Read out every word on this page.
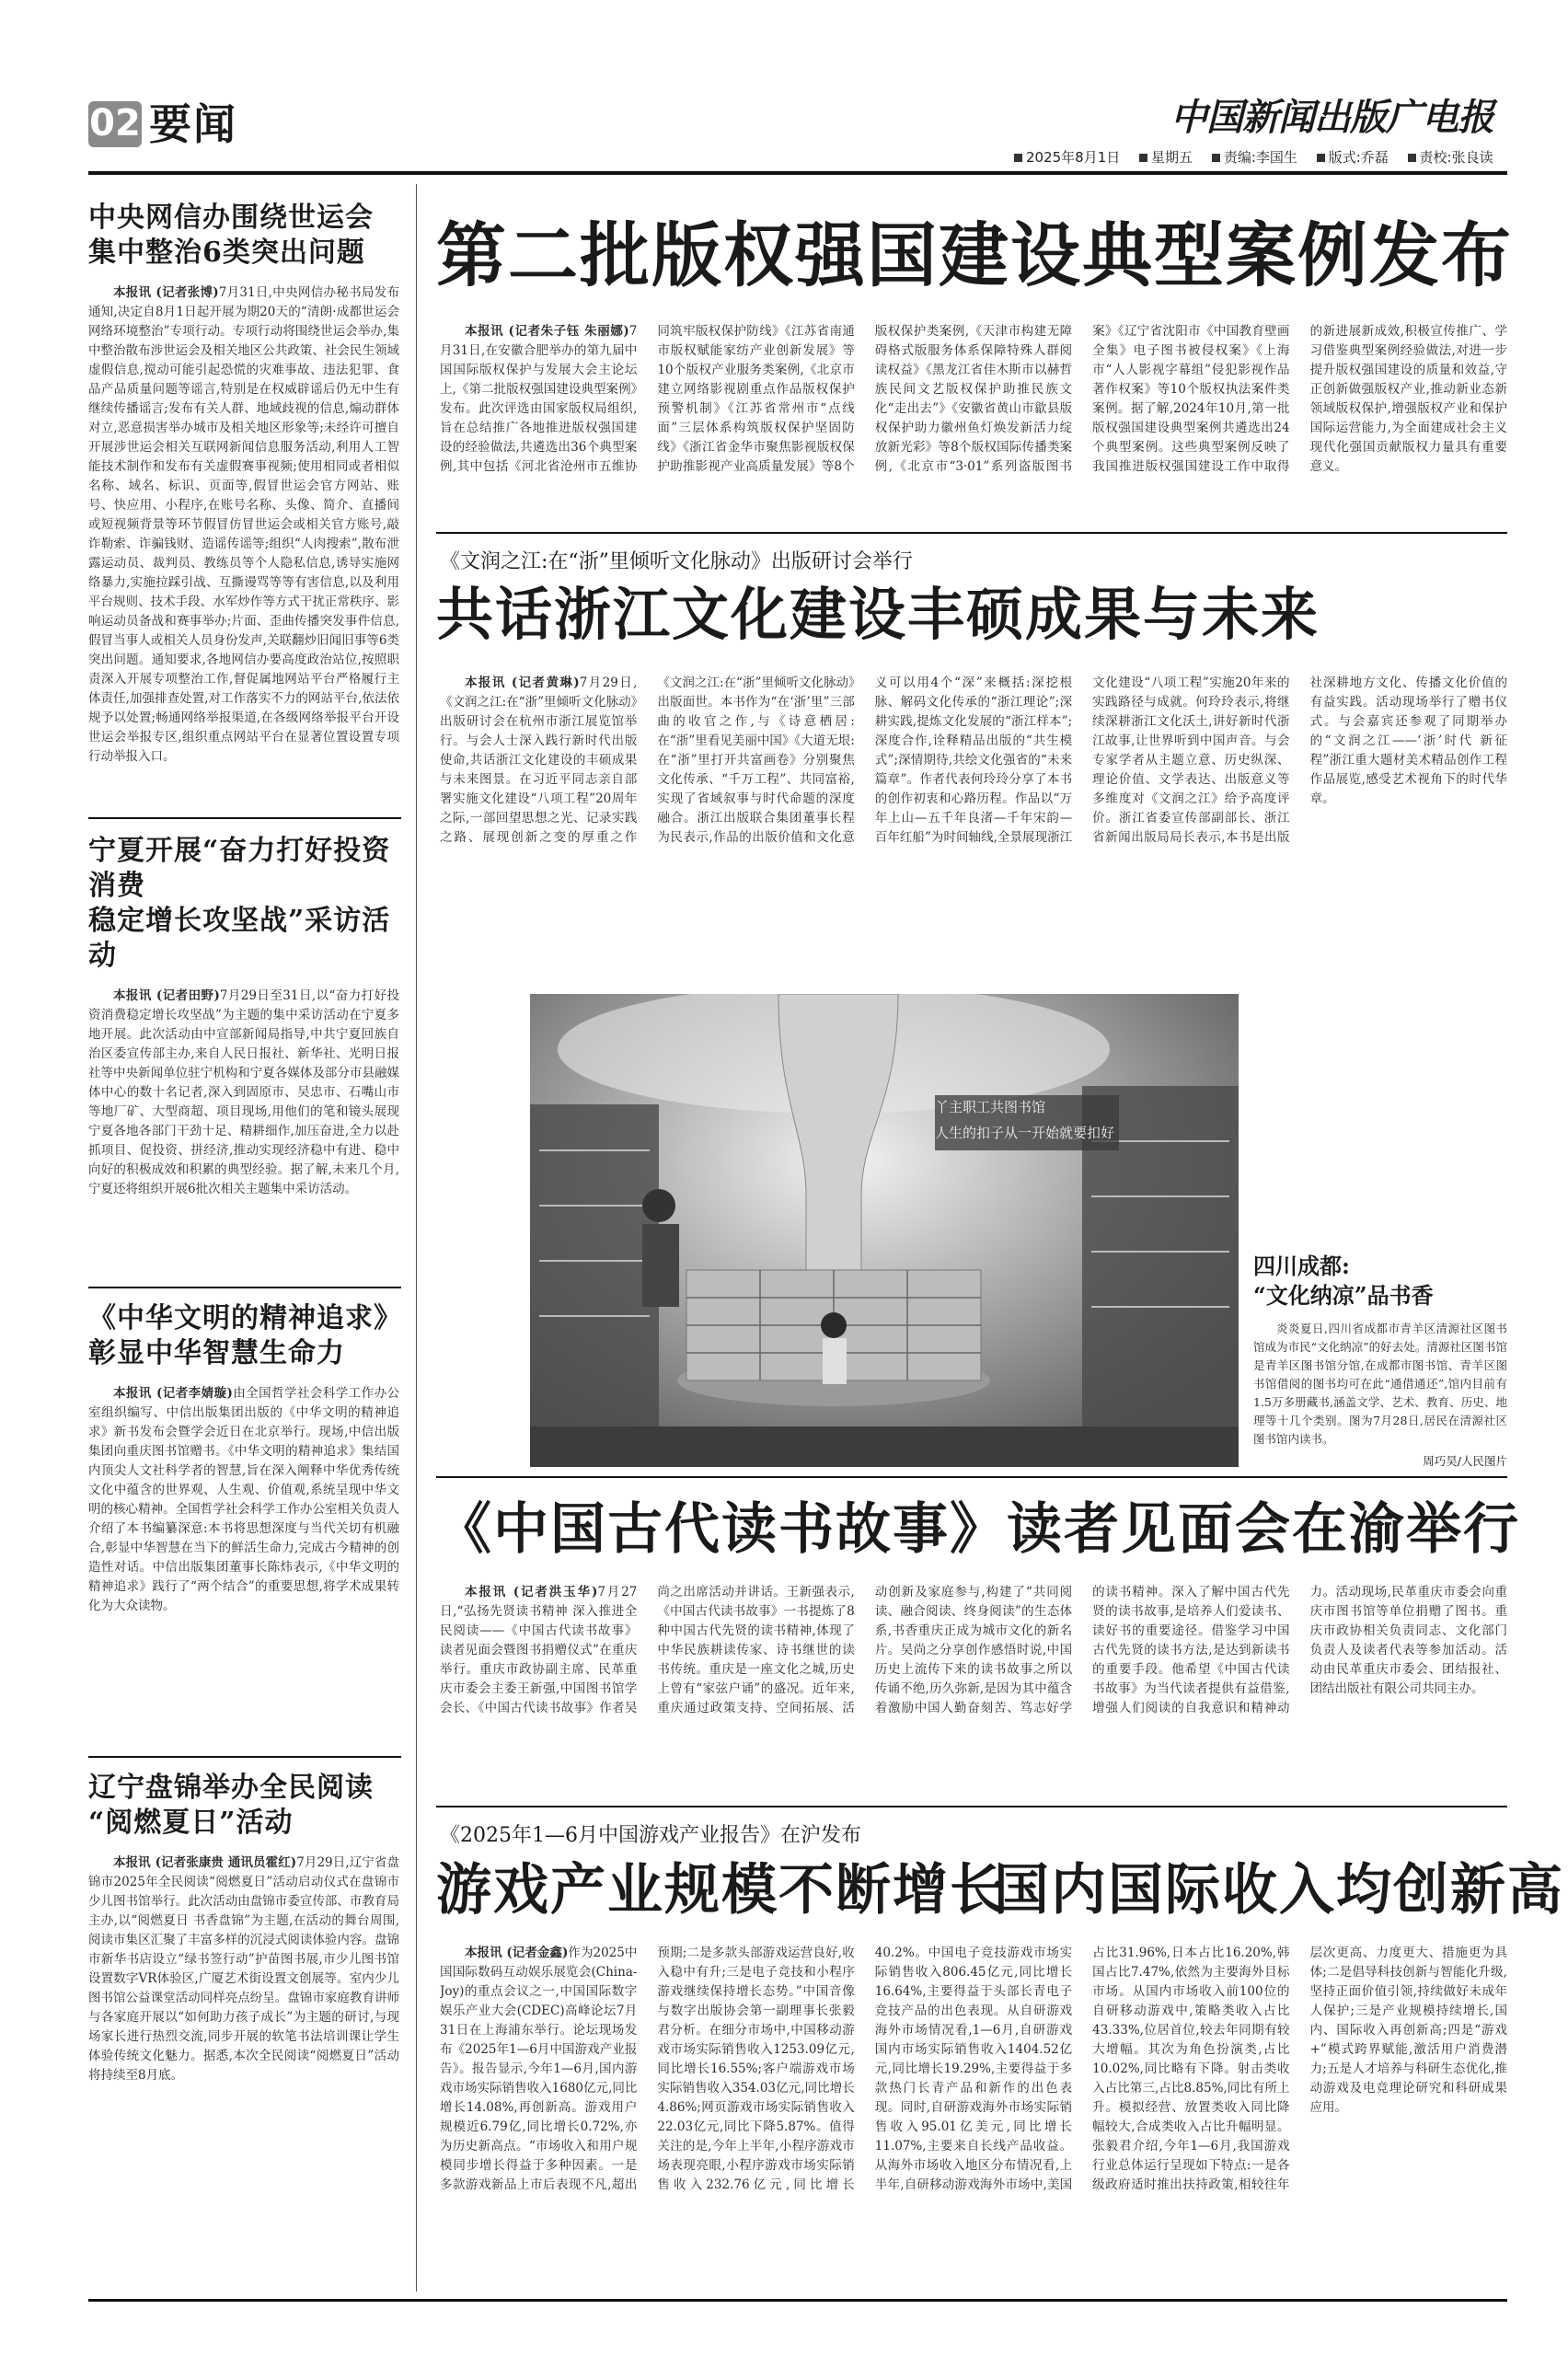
02 要闻	中国新闻出版广电报
2025年8月1日 星期五 责编:李国生 版式:乔磊 责校:张良读
中央网信办围绕世运会
集中整治6类突出问题

本报讯 (记者张博)7月31日,中央网信办秘书局发布通知,决定自8月1日起开展为期20天的“清朗·成都世运会网络环境整治”专项行动。专项行动将围绕世运会举办,集中整治散布涉世运会及相关地区公共政策、社会民生领域虚假信息,搅动可能引起恐慌的灾难事故、违法犯罪、食品产品质量问题等谣言,特别是在权威辟谣后仍无中生有继续传播谣言;发布有关人群、地域歧视的信息,煽动群体对立,恶意损害举办城市及相关地区形象等;未经许可擅自开展涉世运会相关互联网新闻信息服务活动,利用人工智能技术制作和发布有关虚假赛事视频;使用相同或者相似名称、域名、标识、页面等,假冒世运会官方网站、账号、快应用、小程序,在账号名称、头像、简介、直播间或短视频背景等环节假冒仿冒世运会或相关官方账号,敲诈勒索、诈骗钱财、造谣传谣等;组织“人肉搜索”,散布泄露运动员、裁判员、教练员等个人隐私信息,诱导实施网络暴力,实施拉踩引战、互撕谩骂等等有害信息,以及利用平台规则、技术手段、水军炒作等方式干扰正常秩序、影响运动员备战和赛事举办;片面、歪曲传播突发事件信息,假冒当事人或相关人员身份发声,关联翻炒旧闻旧事等6类突出问题。通知要求,各地网信办要高度政治站位,按照职责深入开展专项整治工作,督促属地网站平台严格履行主体责任,加强排查处置,对工作落实不力的网站平台,依法依规予以处置;畅通网络举报渠道,在各级网络举报平台开设世运会举报专区,组织重点网站平台在显著位置设置专项行动举报入口。

宁夏开展“奋力打好投资消费
稳定增长攻坚战”采访活动

本报讯 (记者田野)7月29日至31日,以“奋力打好投资消费稳定增长攻坚战”为主题的集中采访活动在宁夏多地开展。此次活动由中宣部新闻局指导,中共宁夏回族自治区委宣传部主办,来自人民日报社、新华社、光明日报社等中央新闻单位驻宁机构和宁夏各媒体及部分市县融媒体中心的数十名记者,深入到固原市、吴忠市、石嘴山市等地厂矿、大型商超、项目现场,用他们的笔和镜头展现宁夏各地各部门干劲十足、精耕细作,加压奋进,全力以赴抓项目、促投资、拼经济,推动实现经济稳中有进、稳中向好的积极成效和积累的典型经验。据了解,未来几个月,宁夏还将组织开展6批次相关主题集中采访活动。

《中华文明的精神追求》
彰显中华智慧生命力

本报讯 (记者李婧璇)由全国哲学社会科学工作办公室组织编写、中信出版集团出版的《中华文明的精神追求》新书发布会暨学会近日在北京举行。现场,中信出版集团向重庆图书馆赠书。《中华文明的精神追求》集结国内顶尖人文社科学者的智慧,旨在深入阐释中华优秀传统文化中蕴含的世界观、人生观、价值观,系统呈现中华文明的核心精神。全国哲学社会科学工作办公室相关负责人介绍了本书编纂深意:本书将思想深度与当代关切有机融合,彰显中华智慧在当下的鲜活生命力,完成古今精神的创造性对话。中信出版集团董事长陈炜表示,《中华文明的精神追求》践行了“两个结合”的重要思想,将学术成果转化为大众读物。

辽宁盘锦举办全民阅读
“阅燃夏日”活动

本报讯 (记者张康贵 通讯员霍红)7月29日,辽宁省盘锦市2025年全民阅读“阅燃夏日”活动启动仪式在盘锦市少儿图书馆举行。此次活动由盘锦市委宣传部、市教育局主办,以“阅燃夏日 书香盘锦”为主题,在活动的舞台周围,阅读市集区汇聚了丰富多样的沉浸式阅读体验内容。盘锦市新华书店设立“绿书签行动”护苗图书展,市少儿图书馆设置数字VR体验区,广厦艺术街设置文创展等。室内少儿图书馆公益课堂活动同样亮点纷呈。盘锦市家庭教育讲师与各家庭开展以“如何助力孩子成长”为主题的研讨,与现场家长进行热烈交流,同步开展的软笔书法培训课让学生体验传统文化魅力。据悉,本次全民阅读“阅燃夏日”活动将持续至8月底。

第二批版权强国建设典型案例发布

本报讯 (记者朱子钰 朱丽娜)7月31日,在安徽合肥举办的第九届中国国际版权保护与发展大会主论坛上,《第二批版权强国建设典型案例》发布。此次评选由国家版权局组织,旨在总结推广各地推进版权强国建设的经验做法,共遴选出36个典型案例,其中包括《河北省沧州市五维协同筑牢版权保护防线》《江苏省南通市版权赋能家纺产业创新发展》等10个版权产业服务类案例,《北京市建立网络影视剧重点作品版权保护预警机制》《江苏省常州市“点线面”三层体系构筑版权保护坚固防线》《浙江省金华市聚焦影视版权保护助推影视产业高质量发展》等8个版权保护类案例,《天津市构建无障碍格式版服务体系保障特殊人群阅读权益》《黑龙江省佳木斯市以赫哲族民间文艺版权保护助推民族文化“走出去”》《安徽省黄山市歙县版权保护助力徽州鱼灯焕发新活力绽放新光彩》等8个版权国际传播类案例,《北京市“3·01”系列盗版图书案》《辽宁省沈阳市《中国教育壁画全集》电子图书被侵权案》《上海市“人人影视字幕组”侵犯影视作品著作权案》等10个版权执法案件类案例。据了解,2024年10月,第一批版权强国建设典型案例共遴选出24个典型案例。这些典型案例反映了我国推进版权强国建设工作中取得的新进展新成效,积极宣传推广、学习借鉴典型案例经验做法,对进一步提升版权强国建设的质量和效益,守正创新做强版权产业,推动新业态新领域版权保护,增强版权产业和保护国际运营能力,为全面建成社会主义现代化强国贡献版权力量具有重要意义。

《文润之江:在“浙”里倾听文化脉动》出版研讨会举行
共话浙江文化建设丰硕成果与未来

本报讯 (记者黄琳)7月29日,《文润之江:在“浙”里倾听文化脉动》出版研讨会在杭州市浙江展览馆举行。与会人士深入践行新时代出版使命,共话浙江文化建设的丰硕成果与未来图景。在习近平同志亲自部署实施文化建设“八项工程”20周年之际,一部回望思想之光、记录实践之路、展现创新之变的厚重之作《文润之江:在“浙”里倾听文化脉动》出版面世。本书作为“在‘浙’里”三部曲的收官之作,与《诗意栖居:在“浙”里看见美丽中国》《大道无垠:在“浙”里打开共富画卷》分别聚焦文化传承、“千万工程”、共同富裕,实现了省域叙事与时代命题的深度融合。浙江出版联合集团董事长程为民表示,作品的出版价值和文化意义可以用4个“深”来概括:深挖根脉、解码文化传承的“浙江理论”;深耕实践,提炼文化发展的“浙江样本”;深度合作,诠释精品出版的“共生模式”;深情期待,共绘文化强省的“未来篇章”。作者代表何玲玲分享了本书的创作初衷和心路历程。作品以“万年上山—五千年良渚—千年宋韵—百年红船”为时间轴线,全景展现浙江文化建设“八项工程”实施20年来的实践路径与成就。何玲玲表示,将继续深耕浙江文化沃土,讲好新时代浙江故事,让世界听到中国声音。与会专家学者从主题立意、历史纵深、理论价值、文学表达、出版意义等多维度对《文润之江》给予高度评价。浙江省委宣传部副部长、浙江省新闻出版局局长表示,本书是出版社深耕地方文化、传播文化价值的有益实践。活动现场举行了赠书仪式。与会嘉宾还参观了同期举办的“文润之江——‘浙’时代 新征程”浙江重大题材美术精品创作工程作品展览,感受艺术视角下的时代华章。

丫主职工共图书馆
人生的扣子从一开始就要扣好
四川成都:
“文化纳凉”品书香

炎炎夏日,四川省成都市青羊区清源社区图书馆成为市民“文化纳凉”的好去处。清源社区图书馆是青羊区图书馆分馆,在成都市图书馆、青羊区图书馆借阅的图书均可在此“通借通还”,馆内目前有1.5万多册藏书,涵盖文学、艺术、教育、历史、地理等十几个类别。图为7月28日,居民在清源社区图书馆内读书。

周巧昊/人民图片
《中国古代读书故事》读者见面会在渝举行

本报讯 (记者洪玉华)7月27日,“弘扬先贤读书精神 深入推进全民阅读——《中国古代读书故事》读者见面会暨图书捐赠仪式”在重庆举行。重庆市政协副主席、民革重庆市委会主委王新强,中国图书馆学会长、《中国古代读书故事》作者吴尚之出席活动并讲话。王新强表示,《中国古代读书故事》一书提炼了8种中国古代先贤的读书精神,体现了中华民族耕读传家、诗书继世的读书传统。重庆是一座文化之城,历史上曾有“家弦户诵”的盛况。近年来,重庆通过政策支持、空间拓展、活动创新及家庭参与,构建了“共同阅读、融合阅读、终身阅读”的生态体系,书香重庆正成为城市文化的新名片。吴尚之分享创作感悟时说,中国历史上流传下来的读书故事之所以传诵不绝,历久弥新,是因为其中蕴含着激励中国人勤奋刻苦、笃志好学的读书精神。深入了解中国古代先贤的读书故事,是培养人们爱读书、读好书的重要途径。借鉴学习中国古代先贤的读书方法,是达到新读书的重要手段。他希望《中国古代读书故事》为当代读者提供有益借鉴,增强人们阅读的自我意识和精神动力。活动现场,民革重庆市委会向重庆市图书馆等单位捐赠了图书。重庆市政协相关负责同志、文化部门负责人及读者代表等参加活动。活动由民革重庆市委会、团结报社、团结出版社有限公司共同主办。

《2025年1—6月中国游戏产业报告》在沪发布
游戏产业规模不断增长
国内国际收入均创新高

本报讯 (记者金鑫)作为2025中国国际数码互动娱乐展览会(China-Joy)的重点会议之一,中国国际数字娱乐产业大会(CDEC)高峰论坛7月31日在上海浦东举行。论坛现场发布《2025年1—6月中国游戏产业报告》。报告显示,今年1—6月,国内游戏市场实际销售收入1680亿元,同比增长14.08%,再创新高。游戏用户规模近6.79亿,同比增长0.72%,亦为历史新高点。“市场收入和用户规模同步增长得益于多种因素。一是多款游戏新品上市后表现不凡,超出预期;二是多款头部游戏运营良好,收入稳中有升;三是电子竞技和小程序游戏继续保持增长态势。”中国音像与数字出版协会第一副理事长张毅君分析。在细分市场中,中国移动游戏市场实际销售收入1253.09亿元,同比增长16.55%;客户端游戏市场实际销售收入354.03亿元,同比增长4.86%;网页游戏市场实际销售收入22.03亿元,同比下降5.87%。值得关注的是,今年上半年,小程序游戏市场表现亮眼,小程序游戏市场实际销售收入232.76亿元,同比增长40.2%。中国电子竞技游戏市场实际销售收入806.45亿元,同比增长16.64%,主要得益于头部长青电子竞技产品的出色表现。从自研游戏海外市场情况看,1—6月,自研游戏国内市场实际销售收入1404.52亿元,同比增长19.29%,主要得益于多款热门长青产品和新作的出色表现。同时,自研游戏海外市场实际销售收入95.01亿美元,同比增长11.07%,主要来自长线产品收益。从海外市场收入地区分布情况看,上半年,自研移动游戏海外市场中,美国占比31.96%,日本占比16.20%,韩国占比7.47%,依然为主要海外目标市场。从国内市场收入前100位的自研移动游戏中,策略类收入占比43.33%,位居首位,较去年同期有较大增幅。其次为角色扮演类,占比10.02%,同比略有下降。射击类收入占比第三,占比8.85%,同比有所上升。模拟经营、放置类收入同比降幅较大,合成类收入占比升幅明显。张毅君介绍,今年1—6月,我国游戏行业总体运行呈现如下特点:一是各级政府适时推出扶持政策,相较往年层次更高、力度更大、措施更为具体;二是倡导科技创新与智能化升级,坚持正面价值引领,持续做好未成年人保护;三是产业规模持续增长,国内、国际收入再创新高;四是“游戏+”模式跨界赋能,激活用户消费潜力;五是人才培养与科研生态优化,推动游戏及电竞理论研究和科研成果应用。
